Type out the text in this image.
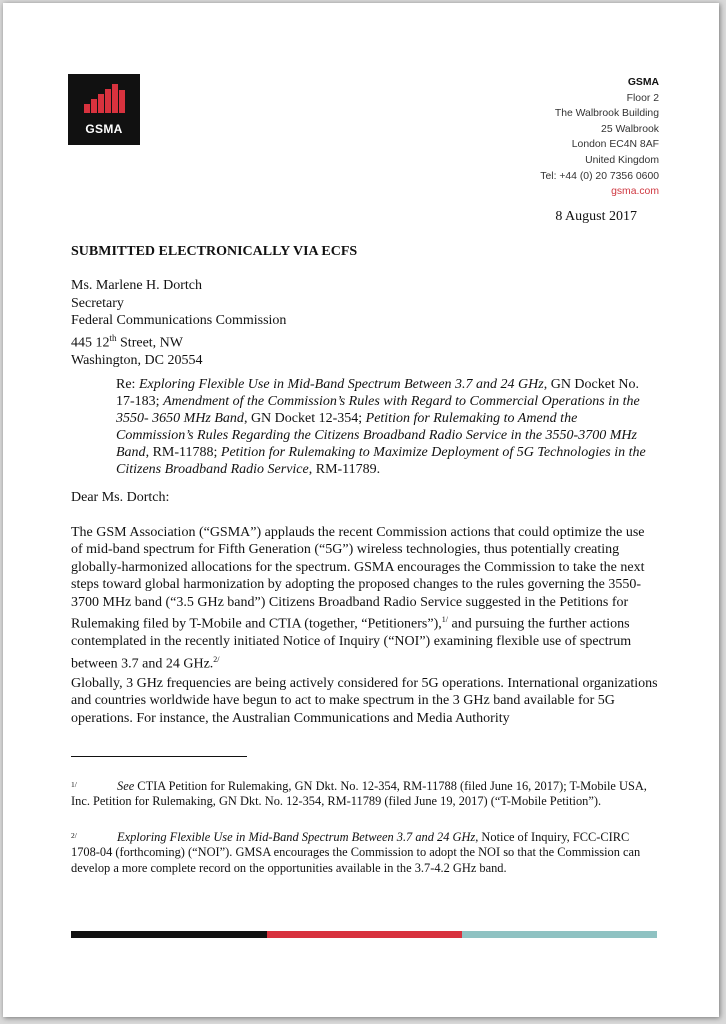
GSMA
GSMA
Floor 2
The Walbrook Building
25 Walbrook
London EC4N 8AF
United Kingdom
Tel: +44 (0) 20 7356 0600
gsma.com
8 August 2017
SUBMITTED ELECTRONICALLY VIA ECFS
Ms. Marlene H. Dortch
Secretary
Federal Communications Commission
445 12th Street, NW
Washington, DC 20554
Re: Exploring Flexible Use in Mid-Band Spectrum Between 3.7 and 24 GHz, GN Docket No. 17-183; Amendment of the Commission’s Rules with Regard to Commercial Operations in the 3550- 3650 MHz Band, GN Docket 12-354; Petition for Rulemaking to Amend the Commission’s Rules Regarding the Citizens Broadband Radio Service in the 3550-3700 MHz Band, RM-11788; Petition for Rulemaking to Maximize Deployment of 5G Technologies in the Citizens Broadband Radio Service, RM-11789.
Dear Ms. Dortch:
The GSM Association (“GSMA”) applauds the recent Commission actions that could optimize the use of mid-band spectrum for Fifth Generation (“5G”) wireless technologies, thus potentially creating globally-harmonized allocations for the spectrum. GSMA encourages the Commission to take the next steps toward global harmonization by adopting the proposed changes to the rules governing the 3550-3700 MHz band (“3.5 GHz band”) Citizens Broadband Radio Service suggested in the Petitions for Rulemaking filed by T-Mobile and CTIA (together, “Petitioners”),$^{1/}$ and pursuing the further actions contemplated in the recently initiated Notice of Inquiry (“NOI”) examining flexible use of spectrum between 3.7 and 24 GHz.$^{2/}$
Globally, 3 GHz frequencies are being actively considered for 5G operations. International organizations and countries worldwide have begun to act to make spectrum in the 3 GHz band available for 5G operations. For instance, the Australian Communications and Media Authority
1/	See CTIA Petition for Rulemaking, GN Dkt. No. 12-354, RM-11788 (filed June 16, 2017); T-Mobile USA, Inc. Petition for Rulemaking, GN Dkt. No. 12-354, RM-11789 (filed June 19, 2017) (“T-Mobile Petition”).
2/	Exploring Flexible Use in Mid-Band Spectrum Between 3.7 and 24 GHz, Notice of Inquiry, FCC-CIRC 1708-04 (forthcoming) (“NOI”). GMSA encourages the Commission to adopt the NOI so that the Commission can develop a more complete record on the opportunities available in the 3.7-4.2 GHz band.
